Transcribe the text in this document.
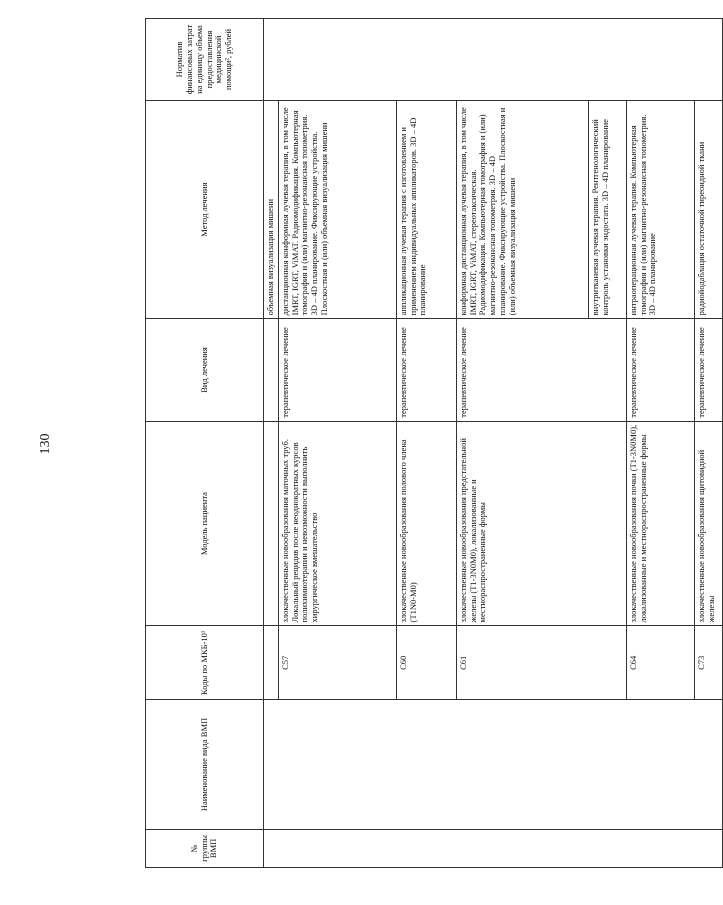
130
№ группы ВМП	Наименование вида ВМП	Коды по МКБ-10¹	Модель пациента	Вид лечения	Метод лечения	Норматив финансовых затрат на единицу объема предоставления медицинской помощи², рублей
					объемная визуализация мишени	
		C57	злокачественные новообразования маточных труб. Локальный рецидив после неоднократных курсов полихимиотерапии и невозможности выполнить хирургическое вмешательство	терапевтическое лечение	дистанционная конформная лучевая терапия, в том числе IMRT, IGRT, ViMAT. Радиомодификация. Компьютерная томография и (или) магнитно-резонансная топометрия. 3D – 4D планирование. Фиксирующие устройства. Плоскостная и (или) объемная визуализация мишени	
		C60	злокачественные новообразования полового члена (T1N0-M0)	терапевтическое лечение	аппликационная лучевая терапия с изготовлением и применением индивидуальных аппликаторов. 3D – 4D планирование	
		C61	злокачественные новообразования предстательной железы (T1-3N0M0), локализованные и местнораспространенные формы	терапевтическое лечение	конформная дистанционная лучевая терапия, в том числе IMRT, IGRT, ViMAT, стереотаксическая. Радиомодификация. Компьютерная томография и (или) магнитно-резонансная топометрия. 3D – 4D планирование. Фиксирующие устройства. Плоскостная и (или) объемная визуализация мишени	
					внутритканевая лучевая терапия. Рентгенологический контроль установки эндостата. 3D – 4D планирование	
		C64	злокачественные новообразования почки (T1-3N0M0), локализованные и местнораспространенные формы	терапевтическое лечение	интраоперационная лучевая терапия. Компьютерная томография и (или) магнитно-резонансная топометрия. 3D – 4D планирование	
		C73	злокачественные новообразования щитовидной железы	терапевтическое лечение	радиойодаблация остаточной тиреоидной ткани	
